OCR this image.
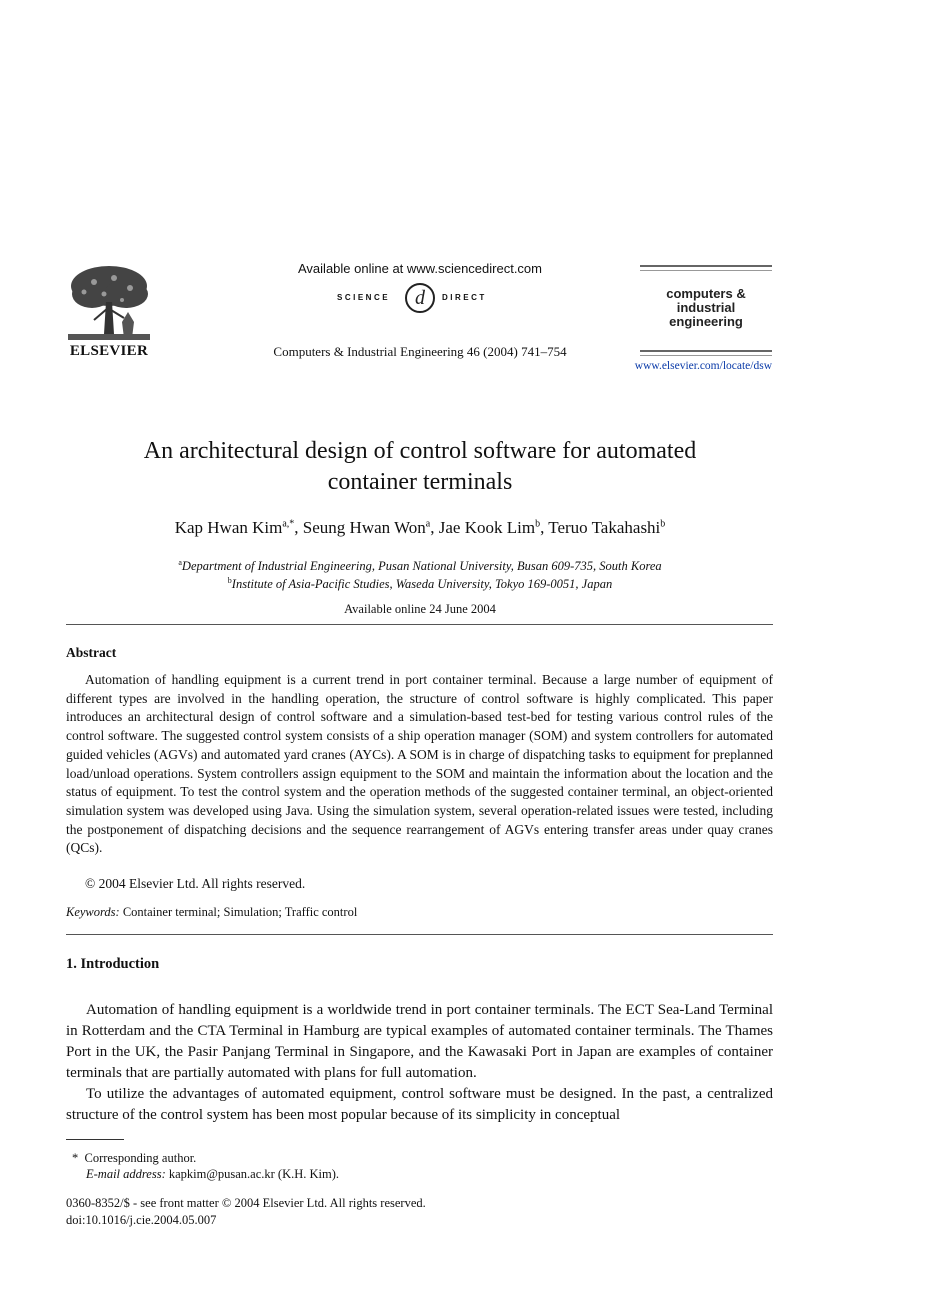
ELSEVIER
Available online at www.sciencedirect.com
SCIENCE d DIRECT
Computers & Industrial Engineering 46 (2004) 741–754
computers &
industrial
engineering
www.elsevier.com/locate/dsw
An architectural design of control software for automated
container terminals
Kap Hwan Kim$^{a,*}$, Seung Hwan Won$^a$, Jae Kook Lim$^b$, Teruo Takahashi$^b$
$^a$Department of Industrial Engineering, Pusan National University, Busan 609-735, South Korea
$^b$Institute of Asia-Pacific Studies, Waseda University, Tokyo 169-0051, Japan
Available online 24 June 2004
Abstract
Automation of handling equipment is a current trend in port container terminal. Because a large number of equipment of different types are involved in the handling operation, the structure of control software is highly complicated. This paper introduces an architectural design of control software and a simulation-based test-bed for testing various control rules of the control software. The suggested control system consists of a ship operation manager (SOM) and system controllers for automated guided vehicles (AGVs) and automated yard cranes (AYCs). A SOM is in charge of dispatching tasks to equipment for preplanned load/unload operations. System controllers assign equipment to the SOM and maintain the information about the location and the status of equipment. To test the control system and the operation methods of the suggested container terminal, an object-oriented simulation system was developed using Java. Using the simulation system, several operation-related issues were tested, including the postponement of dispatching decisions and the sequence rearrangement of AGVs entering transfer areas under quay cranes (QCs).
© 2004 Elsevier Ltd. All rights reserved.
Keywords: Container terminal; Simulation; Traffic control
1. Introduction
Automation of handling equipment is a worldwide trend in port container terminals. The ECT Sea-Land Terminal in Rotterdam and the CTA Terminal in Hamburg are typical examples of automated container terminals. The Thames Port in the UK, the Pasir Panjang Terminal in Singapore, and the Kawasaki Port in Japan are examples of container terminals that are partially automated with plans for full automation.
To utilize the advantages of automated equipment, control software must be designed. In the past, a centralized structure of the control system has been most popular because of its simplicity in conceptual
* Corresponding author.
E-mail address: kapkim@pusan.ac.kr (K.H. Kim).
0360-8352/$ - see front matter © 2004 Elsevier Ltd. All rights reserved.
doi:10.1016/j.cie.2004.05.007
